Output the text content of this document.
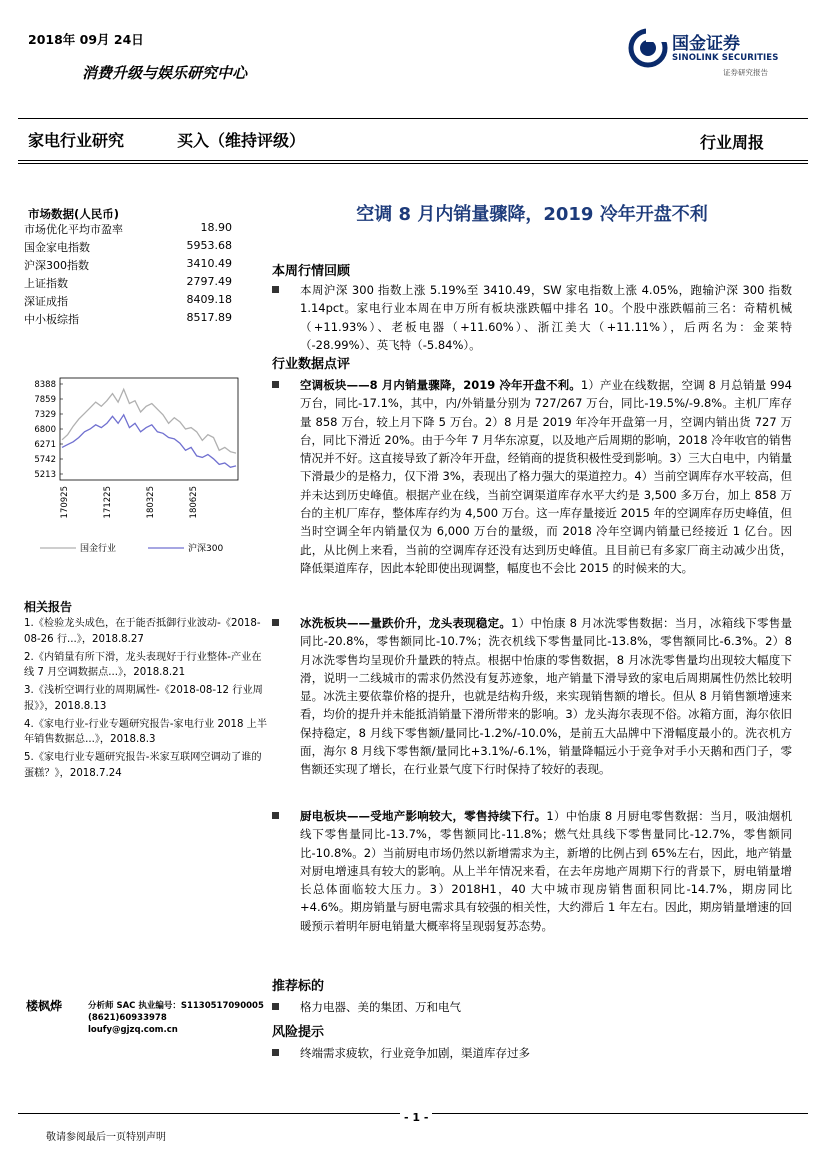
2018年 09月 24日
消费升级与娱乐研究中心
国金证券
SINOLINK SECURITIES
证券研究报告
家电行业研究	买入（维持评级）	行业周报
市场数据(人民币)
市场优化平均市盈率	18.90
国金家电指数	5953.68
沪深300指数	3410.49
上证指数	2797.49
深证成指	8409.18
中小板综指	8517.89
8388
7859
7329
6800
6271
5742
5213
170925	171225	180325	180625
国金行业	沪深300
相关报告
1.《检验龙头成色，在于能否抵御行业波动-《2018-08-26 行...》，2018.8.27
2.《内销量有所下滑，龙头表现好于行业整体-产业在线 7 月空调数据点...》，2018.8.21
3.《浅析空调行业的周期属性-《2018-08-12 行业周报》》，2018.8.13
4.《家电行业-行业专题研究报告-家电行业 2018 上半年销售数据总...》，2018.8.3
5.《家电行业专题研究报告-米家互联网空调动了谁的蛋糕？》，2018.7.24
楼枫烨	分析师 SAC 执业编号：S1130517090005
(8621)60933978
loufy@gjzq.com.cn
空调 8 月内销量骤降，2019 冷年开盘不利
本周行情回顾
本周沪深 300 指数上涨 5.19%至 3410.49，SW 家电指数上涨 4.05%，跑输沪深 300 指数 1.14pct。家电行业本周在申万所有板块涨跌幅中排名 10。个股中涨跌幅前三名：奇精机械（+11.93%）、老板电器（+11.60%）、浙江美大（+11.11%），后两名为：金莱特（-28.99%）、英飞特（-5.84%）。
行业数据点评
空调板块——8 月内销量骤降，2019 冷年开盘不利。1）产业在线数据，空调 8 月总销量 994 万台，同比-17.1%，其中，内/外销量分别为 727/267 万台，同比-19.5%/-9.8%。主机厂库存量 858 万台，较上月下降 5 万台。2）8 月是 2019 年冷年开盘第一月，空调内销出货 727 万台，同比下滑近 20%。由于今年 7 月华东凉夏，以及地产后周期的影响，2018 冷年收官的销售情况并不好。这直接导致了新冷年开盘，经销商的提货积极性受到影响。3）三大白电中，内销量下滑最少的是格力，仅下滑 3%，表现出了格力强大的渠道控力。4）当前空调库存水平较高，但并未达到历史峰值。根据产业在线，当前空调渠道库存水平大约是 3,500 多万台，加上 858 万台的主机厂库存，整体库存约为 4,500 万台。这一库存量接近 2015 年的空调库存历史峰值，但当时空调全年内销量仅为 6,000 万台的量级，而 2018 冷年空调内销量已经接近 1 亿台。因此，从比例上来看，当前的空调库存还没有达到历史峰值。且目前已有多家厂商主动减少出货，降低渠道库存，因此本轮即使出现调整，幅度也不会比 2015 的时候来的大。
冰洗板块——量跌价升，龙头表现稳定。1）中怡康 8 月冰洗零售数据：当月，冰箱线下零售量同比-20.8%，零售额同比-10.7%；洗衣机线下零售量同比-13.8%，零售额同比-6.3%。2）8 月冰洗零售均呈现价升量跌的特点。根据中怡康的零售数据，8 月冰洗零售量均出现较大幅度下滑，说明一二线城市的需求仍然没有复苏迹象，地产销量下滑导致的家电后周期属性仍然比较明显。冰洗主要依靠价格的提升，也就是结构升级，来实现销售额的增长。但从 8 月销售额增速来看，均价的提升并未能抵消销量下滑所带来的影响。3）龙头海尔表现不俗。冰箱方面，海尔依旧保持稳定，8 月线下零售额/量同比-1.2%/-10.0%，是前五大品牌中下滑幅度最小的。洗衣机方面，海尔 8 月线下零售额/量同比+3.1%/-6.1%，销量降幅远小于竞争对手小天鹅和西门子，零售额还实现了增长，在行业景气度下行时保持了较好的表现。
厨电板块——受地产影响较大，零售持续下行。1）中怡康 8 月厨电零售数据：当月，吸油烟机线下零售量同比-13.7%，零售额同比-11.8%；燃气灶具线下零售量同比-12.7%，零售额同比-10.8%。2）当前厨电市场仍然以新增需求为主，新增的比例占到 65%左右，因此，地产销量对厨电增速具有较大的影响。从上半年情况来看，在去年房地产周期下行的背景下，厨电销量增长总体面临较大压力。3）2018H1，40 大中城市现房销售面积同比-14.7%，期房同比+4.6%。期房销量与厨电需求具有较强的相关性，大约滞后 1 年左右。因此，期房销量增速的回暖预示着明年厨电销量大概率将呈现弱复苏态势。
推荐标的
格力电器、美的集团、万和电气
风险提示
终端需求疲软，行业竞争加剧，渠道库存过多
- 1 -
敬请参阅最后一页特别声明
